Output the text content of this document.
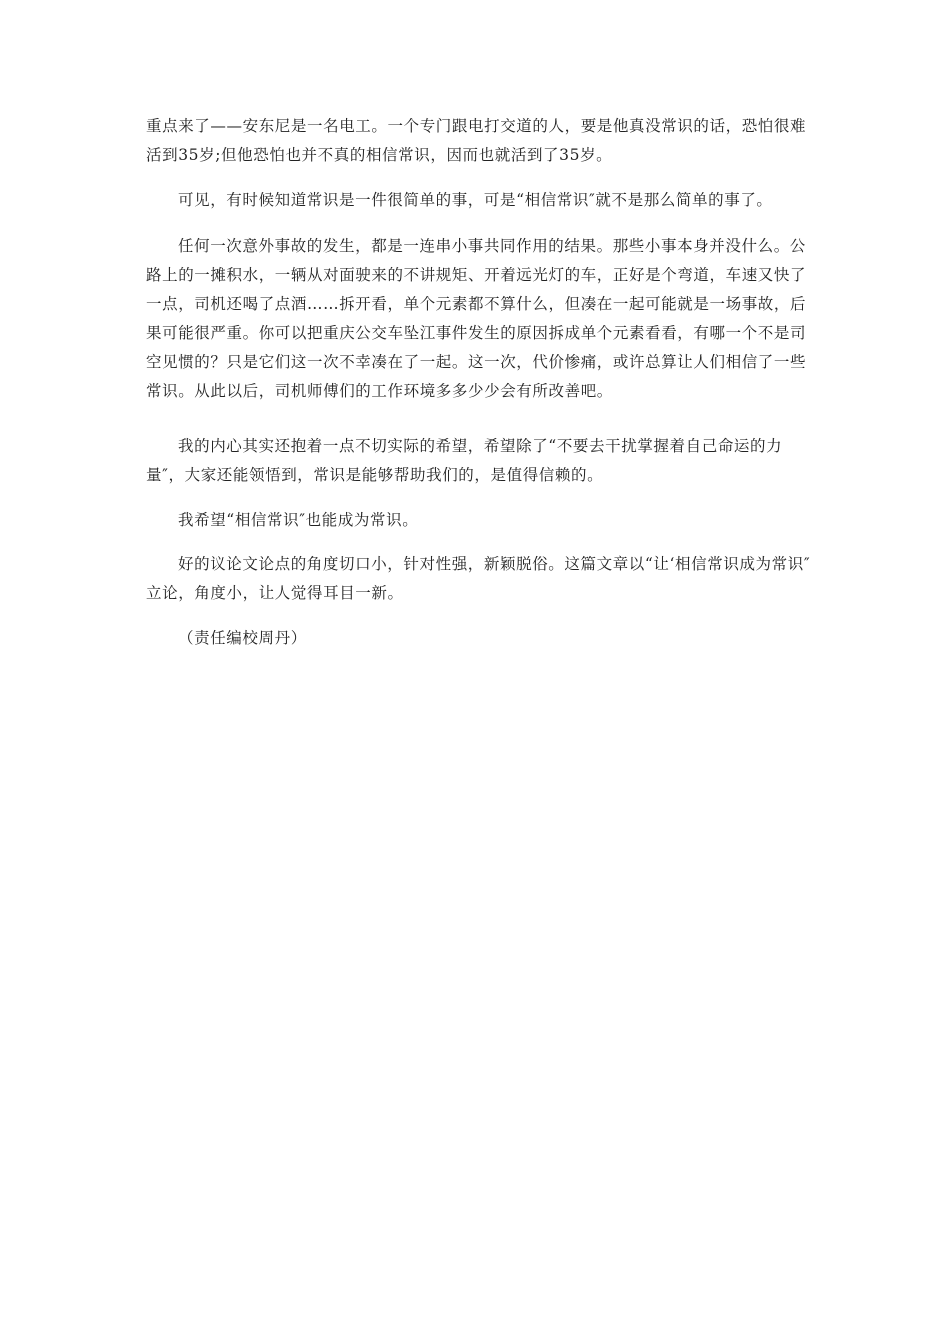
重点来了——安东尼是一名电工。一个专门跟电打交道的人，要是他真没常识的话，恐怕很难活到35岁;但他恐怕也并不真的相信常识，因而也就活到了35岁。

可见，有时候知道常识是一件很简单的事，可是“相信常识″就不是那么简单的事了。

任何一次意外事故的发生，都是一连串小事共同作用的结果。那些小事本身并没什么。公路上的一摊积水，一辆从对面驶来的不讲规矩、开着远光灯的车，正好是个弯道，车速又快了一点，司机还喝了点酒……拆开看，单个元素都不算什么，但凑在一起可能就是一场事故，后果可能很严重。你可以把重庆公交车坠江事件发生的原因拆成单个元素看看，有哪一个不是司空见惯的？只是它们这一次不幸凑在了一起。这一次，代价惨痛，或许总算让人们相信了一些常识。从此以后，司机师傅们的工作环境多多少少会有所改善吧。

我的内心其实还抱着一点不切实际的希望，希望除了“不要去干扰掌握着自己命运的力量″，大家还能领悟到，常识是能够帮助我们的，是值得信赖的。

我希望“相信常识″也能成为常识。

好的议论文论点的角度切口小，针对性强，新颖脱俗。这篇文章以“让‘相信常识成为常识″立论，角度小，让人觉得耳目一新。

（责任编校周丹）
